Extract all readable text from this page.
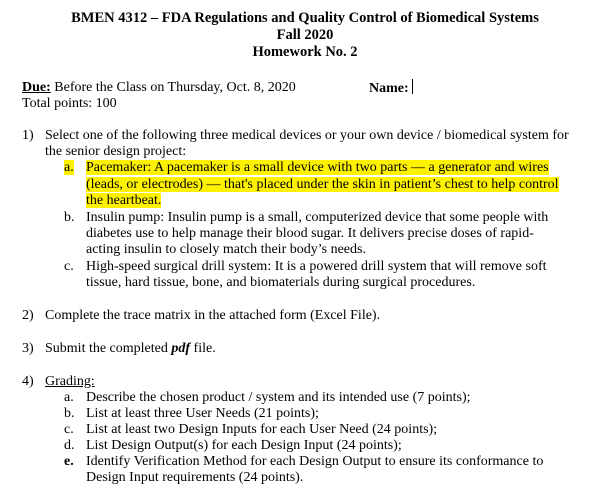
BMEN 4312 – FDA Regulations and Quality Control of Biomedical Systems
Fall 2020
Homework No. 2
Due: Before the Class on Thursday, Oct. 8, 2020	Name:
Total points: 100
1) Select one of the following three medical devices or your own device / biomedical system for
the senior design project:
a. Pacemaker: A pacemaker is a small device with two parts — a generator and wires
(leads, or electrodes) — that's placed under the skin in patient’s chest to help control
the heartbeat.
b. Insulin pump: Insulin pump is a small, computerized device that some people with
diabetes use to help manage their blood sugar. It delivers precise doses of rapid-
acting insulin to closely match their body’s needs.
c. High-speed surgical drill system: It is a powered drill system that will remove soft
tissue, hard tissue, bone, and biomaterials during surgical procedures.
2) Complete the trace matrix in the attached form (Excel File).
3) Submit the completed pdf file.
4) Grading:
a. Describe the chosen product / system and its intended use (7 points);
b. List at least three User Needs (21 points);
c. List at least two Design Inputs for each User Need (24 points);
d. List Design Output(s) for each Design Input (24 points);
e. Identify Verification Method for each Design Output to ensure its conformance to
Design Input requirements (24 points).
